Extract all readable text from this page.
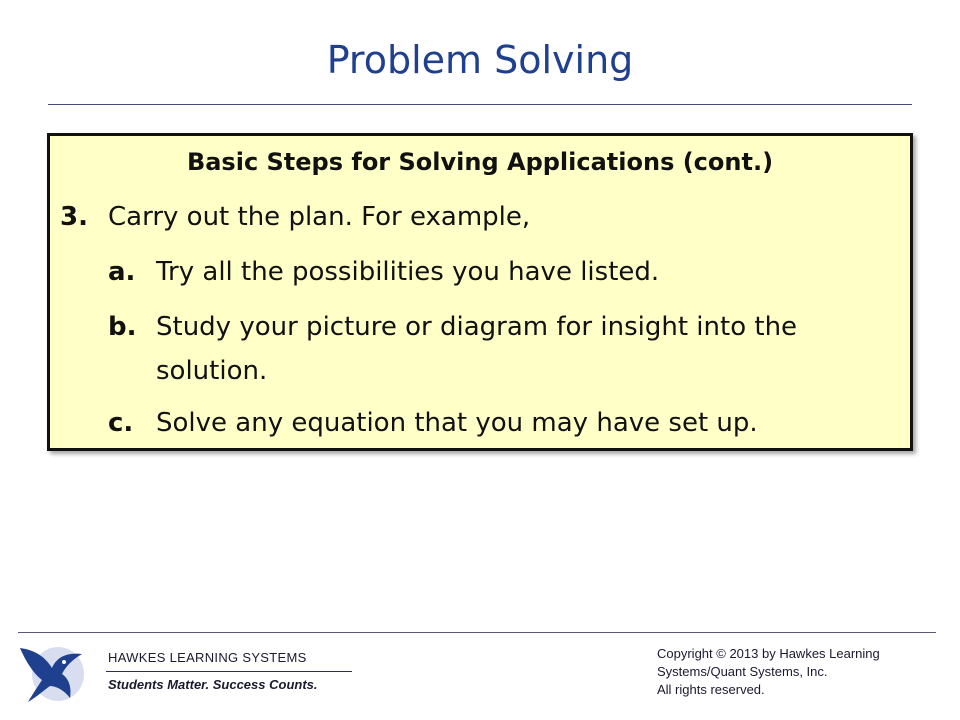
Problem Solving
Basic Steps for Solving Applications (cont.)
3. Carry out the plan. For example,
a. Try all the possibilities you have listed.
b. Study your picture or diagram for insight into the
solution.
c. Solve any equation that you may have set up.
HAWKES LEARNING SYSTEMS
Students Matter. Success Counts.
Copyright © 2013 by Hawkes Learning
Systems/Quant Systems, Inc.
All rights reserved.
